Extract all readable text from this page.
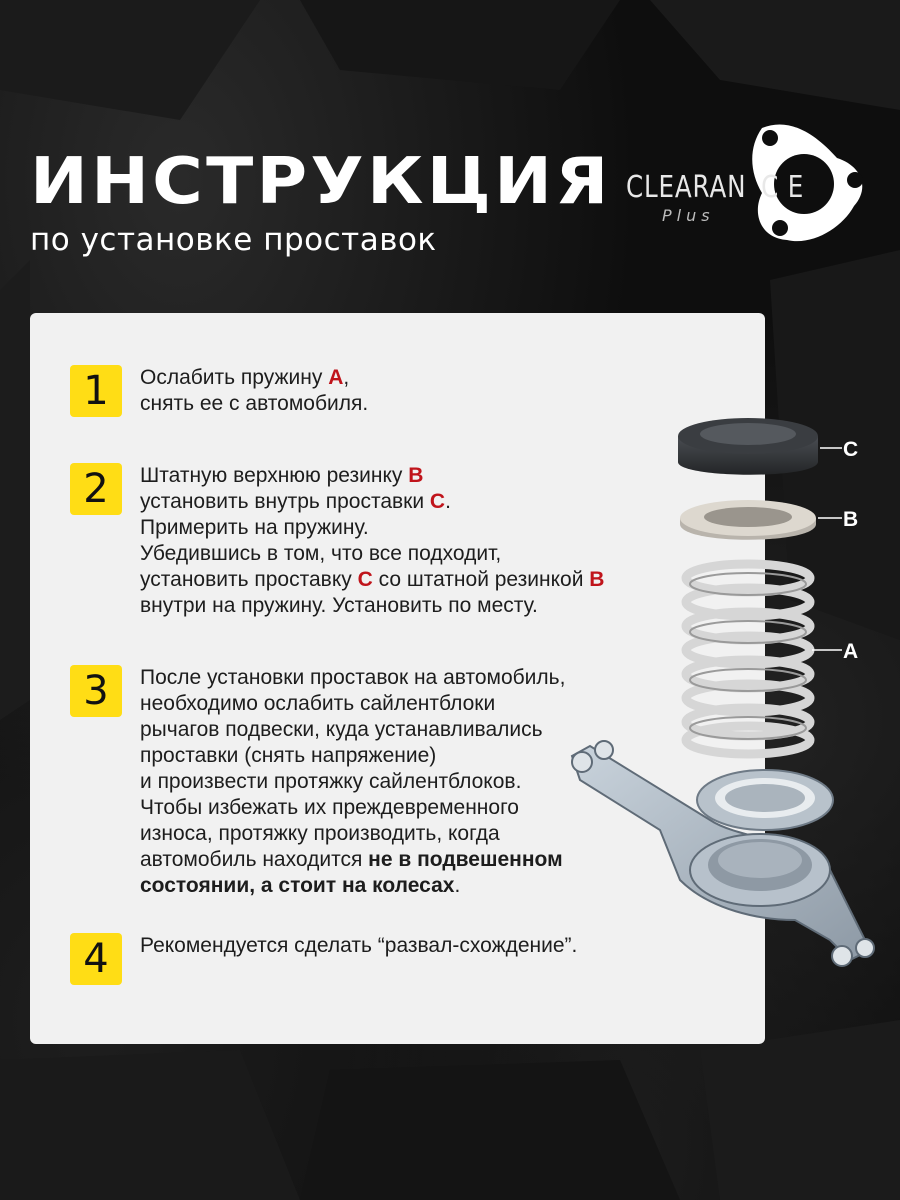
ИНСТРУКЦИЯ
по установке проставок
CLEARAN C E
Plus
1	Ослабить пружину А,
снять ее с автомобиля.
2	Штатную верхнюю резинку В
установить внутрь проставки С.
Примерить на пружину.
Убедившись в том, что все подходит,
установить проставку С со штатной резинкой В
внутри на пружину. Установить по месту.
3	После установки проставок на автомобиль,
необходимо ослабить сайлентблоки
рычагов подвески, куда устанавливались
проставки (снять напряжение)
и произвести протяжку сайлентблоков.
Чтобы избежать их преждевременного
износа, протяжку производить, когда
автомобиль находится не в подвешенном
состоянии, а стоит на колесах.
4	Рекомендуется сделать “развал-схождение”.
С
В
А
